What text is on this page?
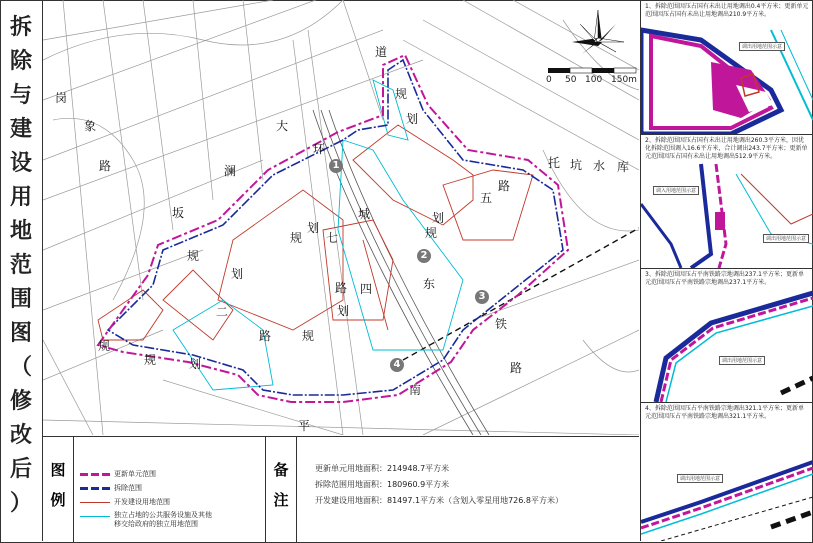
拆
除
与
建
设
用
地
范
围
图
（
修
改
后
）
0 50 100 150m
岗
象
路
大
澜
坂
道
环
规
划
五
路
托 坑 水 库
规
划
七
路
城
东
规
划
四
二
路	规
划
规
铁
路
南
平
规
划
规	划
1
2
3
4
图
例
更新单元范围
拆除范围
开发建设用地范围
独立占地的公共服务设施及其他
移交给政府的独立用地范围
备
注
更新单元用地面积：214948.7平方米
拆除范围用地面积：180960.9平方米
开发建设用地面积：81497.1平方米（含划入零星用地726.8平方米）
1、拆除范围因压占国有未出让用地调出0.4平方米；更新单元范围因压占国有未出让用地调出210.9平方米。
调出用地范围示意
2、拆除范围因压占国有未出让用地调出260.3平方米，因优化拆除范围调入16.6平方米，合计调出243.7平方米；更新单元范围因压占国有未出让用地调出512.9平方米。
调入用地范围示意
调出用地范围示意
3、拆除范围因压占平南铁路宗地调出237.1平方米；更新单元范围因压占平南铁路宗地调出237.1平方米。
调出用地范围示意
4、拆除范围因压占平南铁路宗地调出321.1平方米；更新单元范围因压占平南铁路宗地调出321.1平方米。
调出用地范围示意
